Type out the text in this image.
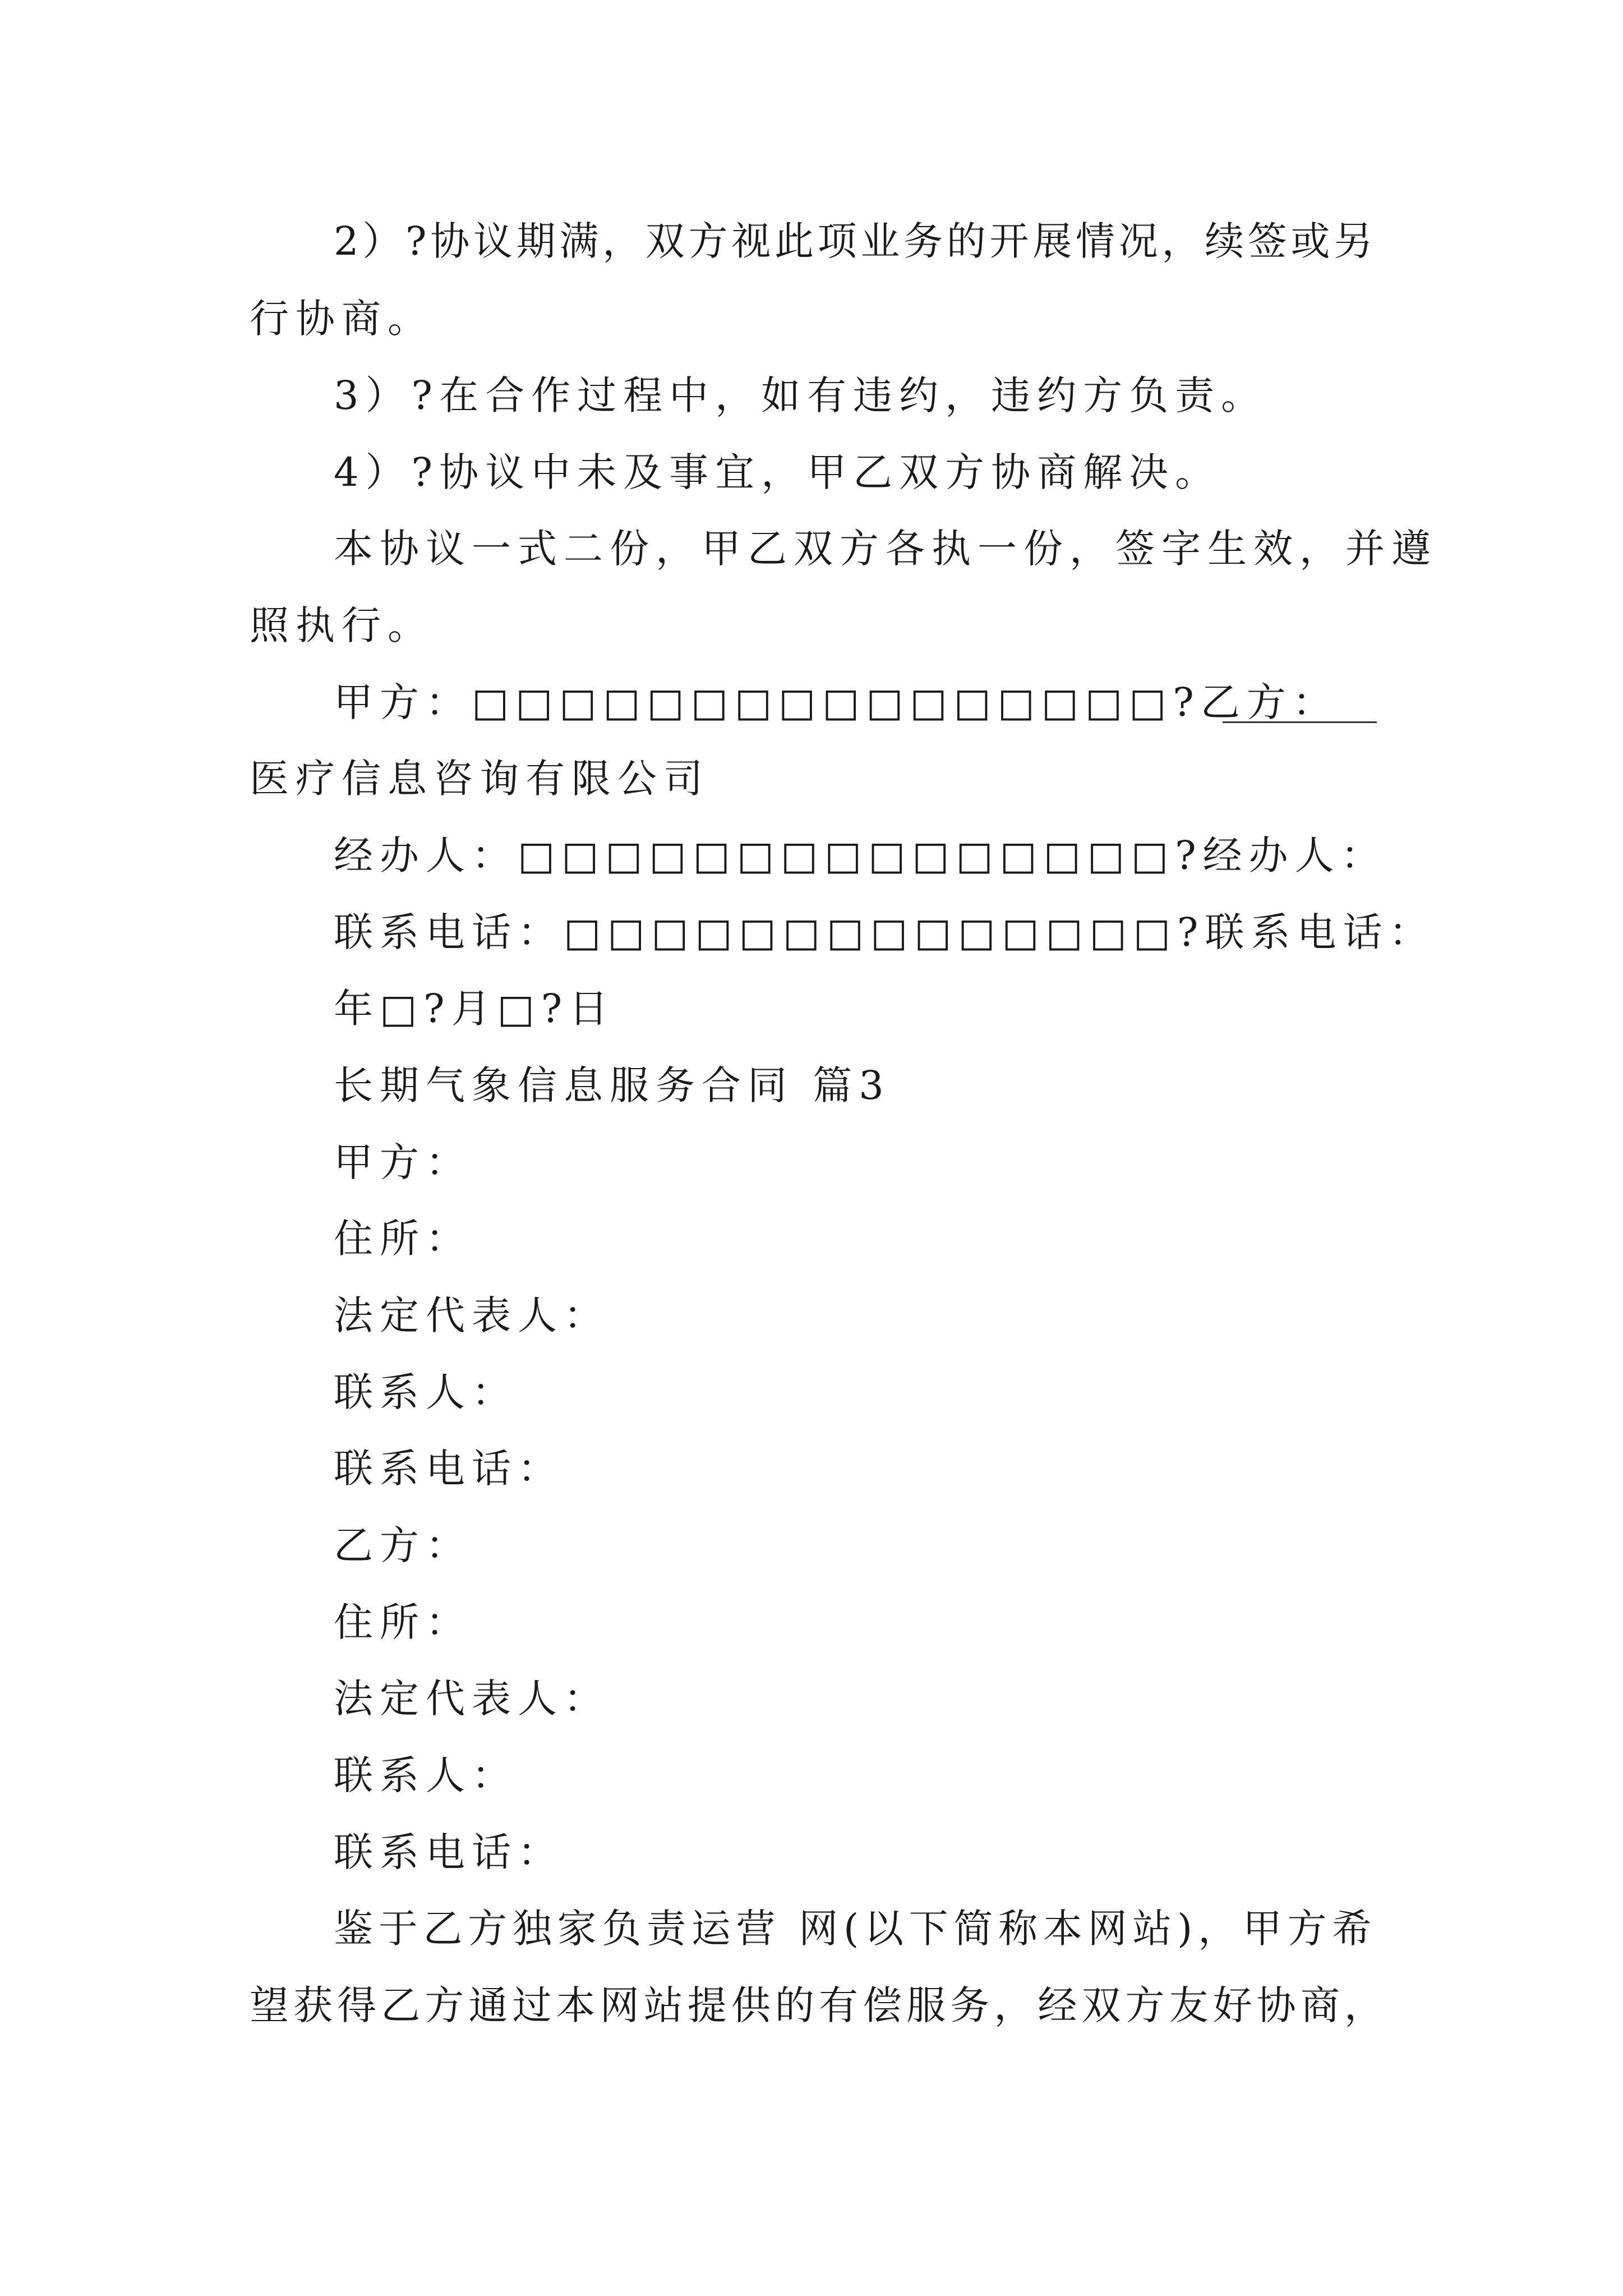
2）?协议期满，双方视此项业务的开展情况，续签或另
行协商。
3）?在合作过程中，如有违约，违约方负责。
4）?协议中未及事宜，甲乙双方协商解决。
本协议一式二份，甲乙双方各执一份，签字生效，并遵
照执行。
甲方：□□□□□□□□□□□□□□□□?乙方：
医疗信息咨询有限公司
经办人：□□□□□□□□□□□□□□□?经办人：
联系电话：□□□□□□□□□□□□□□?联系电话：
年□?月□?日
长期气象信息服务合同 篇3
甲方：
住所：
法定代表人：
联系人：
联系电话：
乙方：
住所：
法定代表人：
联系人：
联系电话：
鉴于乙方独家负责运营 网(以下简称本网站)，甲方希
望获得乙方通过本网站提供的有偿服务，经双方友好协商，
